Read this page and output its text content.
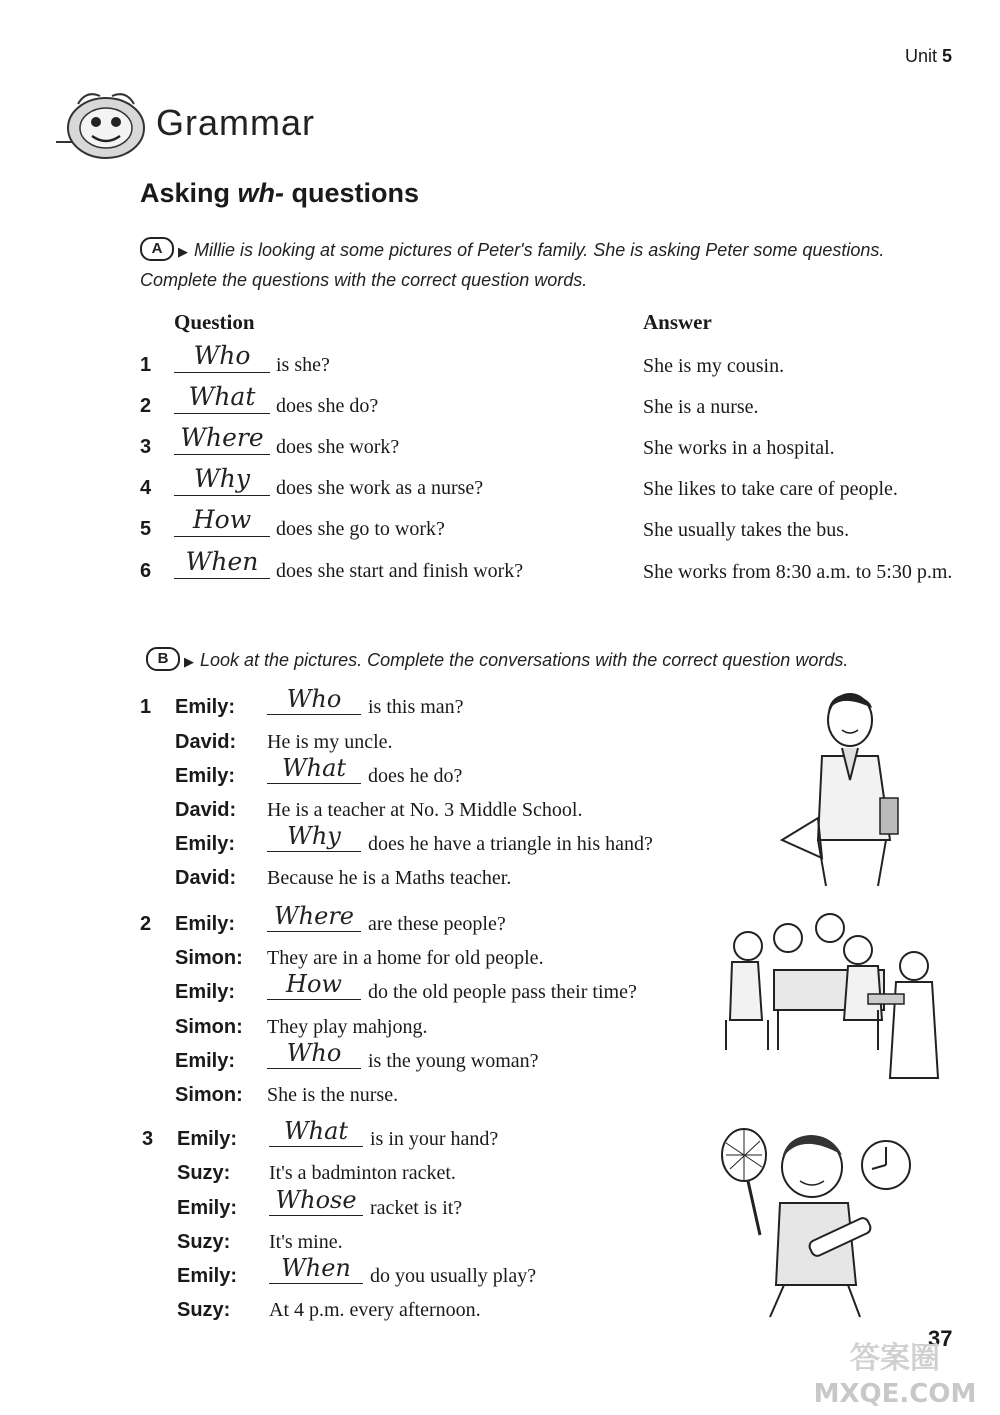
Unit 5
Grammar
Asking wh- questions
A ▶ Millie is looking at some pictures of Peter's family. She is asking Peter some questions. Complete the questions with the correct question words.
Question	Answer
1	Who	is she?	She is my cousin.
2	What	does she do?	She is a nurse.
3 Where does she work?	She works in a hospital.
4	Why	does she work as a nurse?	She likes to take care of people.
5	How	does she go to work?	She usually takes the bus.
6	When does she start and finish work?	She works from 8:30 a.m. to 5:30 p.m.
B ▶ Look at the pictures. Complete the conversations with the correct question words.
1 Emily:	Who	is this man?
David: He is my uncle.
Emily:	What	does he do?
David: He is a teacher at No. 3 Middle School.
Emily:	Why	does he have a triangle in his hand?
David: Because he is a Maths teacher.
2 Emily: Where are these people?
Simon: They are in a home for old people.
Emily:	How	do the old people pass their time?
Simon: They play mahjong.
Emily:	Who	is the young woman?
Simon: She is the nurse.
3 Emily:	What	is in your hand?
Suzy: It's a badminton racket.
Emily: Whose racket is it?
Suzy: It's mine.
Emily:	When do you usually play?
Suzy: At 4 p.m. every afternoon.
37
答案圈
MXQE.COM
